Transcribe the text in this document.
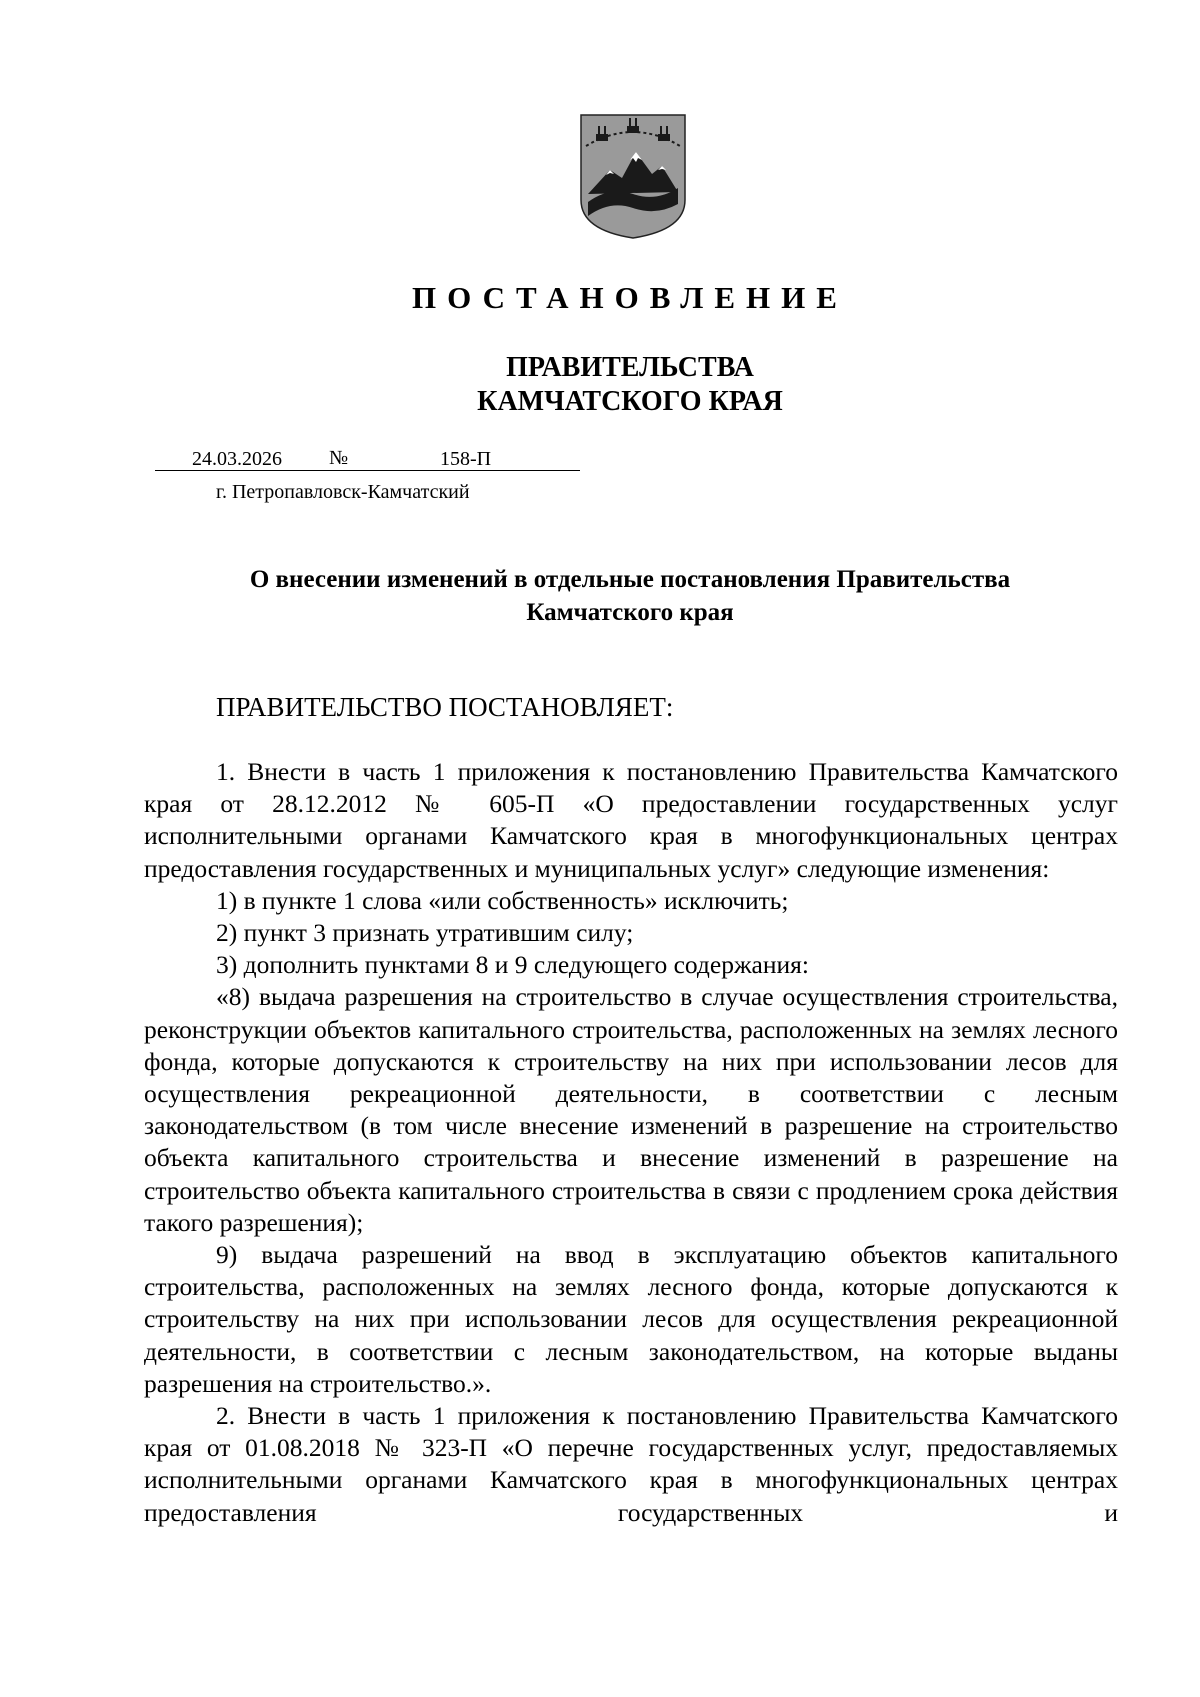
ПОСТАНОВЛЕНИЕ
ПРАВИТЕЛЬСТВА
КАМЧАТСКОГО КРАЯ
24.03.2026 №	158-П
г. Петропавловск-Камчатский
О внесении изменений в отдельные постановления Правительства
Камчатского края
ПРАВИТЕЛЬСТВО ПОСТАНОВЛЯЕТ:

1. Внести в часть 1 приложения к постановлению Правительства Камчатского края от 28.12.2012 № 605-П «О предоставлении государственных услуг исполнительными органами Камчатского края в многофункциональных центрах предоставления государственных и муниципальных услуг» следующие изменения:

1) в пункте 1 слова «или собственность» исключить;

2) пункт 3 признать утратившим силу;

3) дополнить пунктами 8 и 9 следующего содержания:

«8) выдача разрешения на строительство в случае осуществления строительства, реконструкции объектов капитального строительства, расположенных на землях лесного фонда, которые допускаются к строительству на них при использовании лесов для осуществления рекреационной деятельности, в соответствии с лесным законодательством (в том числе внесение изменений в разрешение на строительство объекта капитального строительства и внесение изменений в разрешение на строительство объекта капитального строительства в связи с продлением срока действия такого разрешения);

9) выдача разрешений на ввод в эксплуатацию объектов капитального строительства, расположенных на землях лесного фонда, которые допускаются к строительству на них при использовании лесов для осуществления рекреационной деятельности, в соответствии с лесным законодательством, на которые выданы разрешения на строительство.».

2. Внести в часть 1 приложения к постановлению Правительства Камчатского края от 01.08.2018 № 323-П «О перечне государственных услуг, предоставляемых исполнительными органами Камчатского края в многофункциональных центрах предоставления государственных и
